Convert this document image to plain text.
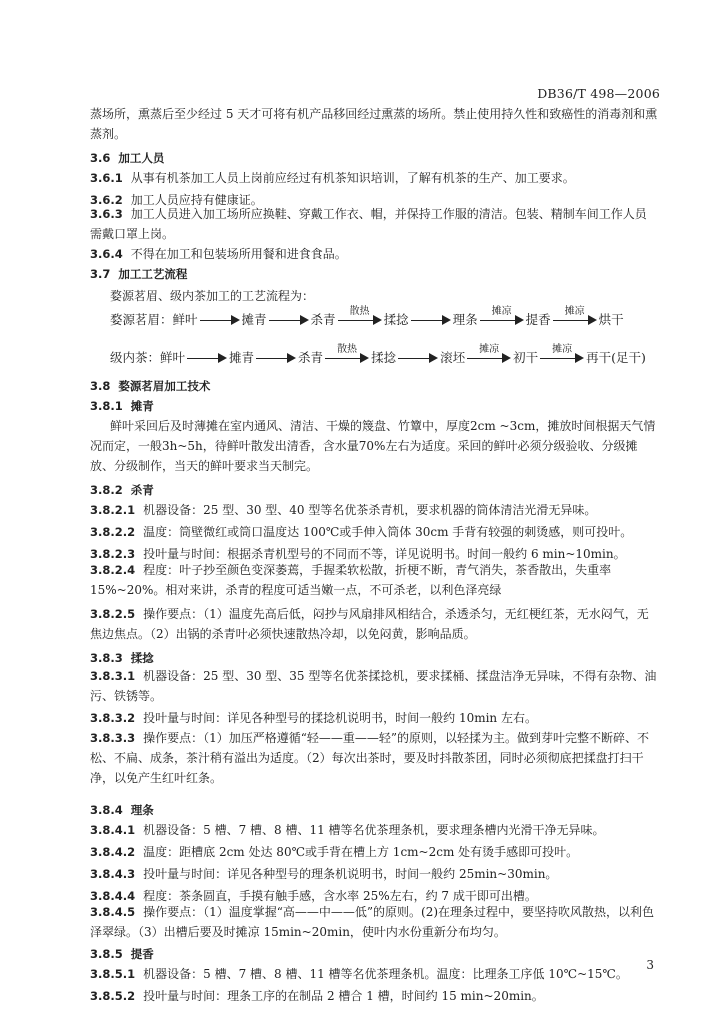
DB36/T 498—2006
蒸场所，熏蒸后至少经过 5 天才可将有机产品移回经过熏蒸的场所。禁止使用持久性和致癌性的消毒剂和熏蒸剂。
3.6 加工人员
3.6.1 从事有机茶加工人员上岗前应经过有机茶知识培训，了解有机茶的生产、加工要求。
3.6.2 加工人员应持有健康证。
3.6.3 加工人员进入加工场所应换鞋、穿戴工作衣、帽，并保持工作服的清洁。包装、精制车间工作人员需戴口罩上岗。
3.6.4 不得在加工和包装场所用餐和进食食品。
3.7 加工工艺流程
婺源茗眉、级内茶加工的工艺流程为：
婺源茗眉：鲜叶	摊青	杀青
散热
揉捻	理条
摊凉
提香
摊凉
烘干
级内茶：鲜叶	摊青	杀青
散热
揉捻	滚坯
摊凉
初干
摊凉
再干(足干)
3.8 婺源茗眉加工技术
3.8.1 摊青
鲜叶采回后及时薄摊在室内通风、清洁、干燥的篾盘、竹簟中，厚度2cm ~3cm，摊放时间根据天气情况而定，一般3h~5h，待鲜叶散发出清香，含水量70%左右为适度。采回的鲜叶必须分级验收、分级摊放、分级制作，当天的鲜叶要求当天制完。
3.8.2 杀青
3.8.2.1 机器设备：25 型、30 型、40 型等名优茶杀青机，要求机器的筒体清洁光滑无异味。
3.8.2.2 温度：筒壁微红或筒口温度达 100℃或手伸入筒体 30cm 手背有较强的刺烫感，则可投叶。
3.8.2.3 投叶量与时间：根据杀青机型号的不同而不等，详见说明书。时间一般约 6 min~10min。
3.8.2.4 程度：叶子抄至颜色变深萎蔫，手握柔软松散，折梗不断，青气消失，茶香散出，失重率 15%~20%。相对来讲，杀青的程度可适当嫩一点，不可杀老，以利色泽亮绿
3.8.2.5 操作要点：（1）温度先高后低，闷抄与风扇排风相结合，杀透杀匀，无红梗红茶，无水闷气，无焦边焦点。（2）出锅的杀青叶必须快速散热冷却，以免闷黄，影响品质。
3.8.3 揉捻
3.8.3.1 机器设备：25 型、30 型、35 型等名优茶揉捻机，要求揉桶、揉盘洁净无异味，不得有杂物、油污、铁锈等。
3.8.3.2 投叶量与时间：详见各种型号的揉捻机说明书，时间一般约 10min 左右。
3.8.3.3 操作要点：（1）加压严格遵循“轻——重——轻”的原则，以轻揉为主。做到芽叶完整不断碎、不松、不扁、成条，茶汁稍有溢出为适度。（2）每次出茶时，要及时抖散茶团，同时必须彻底把揉盘打扫干净，以免产生红叶红条。
3.8.4 理条
3.8.4.1 机器设备：5 槽、7 槽、8 槽、11 槽等名优茶理条机，要求理条槽内光滑干净无异味。
3.8.4.2 温度：距槽底 2cm 处达 80℃或手背在槽上方 1cm~2cm 处有烫手感即可投叶。
3.8.4.3 投叶量与时间：详见各种型号的理条机说明书，时间一般约 25min~30min。
3.8.4.4 程度：茶条圆直，手摸有触手感，含水率 25%左右，约 7 成干即可出槽。
3.8.4.5 操作要点：（1）温度掌握“高——中——低”的原则。(2)在理条过程中，要坚持吹风散热，以利色泽翠绿。（3）出槽后要及时摊凉 15min~20min，使叶内水份重新分布均匀。
3.8.5 提香
3.8.5.1 机器设备：5 槽、7 槽、8 槽、11 槽等名优茶理条机。温度：比理条工序低 10℃~15℃。
3.8.5.2 投叶量与时间：理条工序的在制品 2 槽合 1 槽，时间约 15 min~20min。
3
